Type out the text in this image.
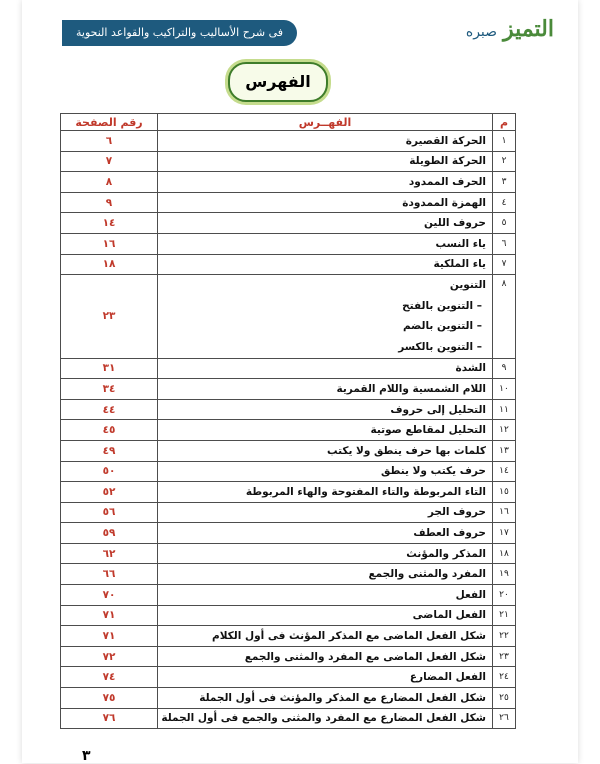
فى شرح الأساليب والتراكيب والقواعد النحوية	التميزصبره
الفهرس
م	الفهــرس	رقم الصفحة
١	الحركة القصيرة	٦
٢	الحركة الطويلة	٧
٣	الحرف الممدود	٨
٤	الهمزة الممدودة	٩
٥	حروف اللين	١٤
٦	ياء النسب	١٦
٧	ياء الملكية	١٨
٨	التنوين
– التنوين بالفتح
– التنوين بالضم
– التنوين بالكسر	٢٣
٩	الشدة	٣١
١٠	اللام الشمسية واللام القمرية	٣٤
١١	التحليل إلى حروف	٤٤
١٢	التحليل لمقاطع صوتية	٤٥
١٣	كلمات بها حرف ينطق ولا يكتب	٤٩
١٤	حرف يكتب ولا ينطق	٥٠
١٥	التاء المربوطة والتاء المفتوحة والهاء المربوطة	٥٢
١٦	حروف الجر	٥٦
١٧	حروف العطف	٥٩
١٨	المذكر والمؤنث	٦٢
١٩	المفرد والمثنى والجمع	٦٦
٢٠	الفعل	٧٠
٢١	الفعل الماضى	٧١
٢٢	شكل الفعل الماضى مع المذكر المؤنث فى أول الكلام	٧١
٢٣	شكل الفعل الماضى مع المفرد والمثنى والجمع	٧٢
٢٤	الفعل المضارع	٧٤
٢٥	شكل الفعل المضارع مع المذكر والمؤنث فى أول الجملة	٧٥
٢٦	شكل الفعل المضارع مع المفرد والمثنى والجمع فى أول الجملة	٧٦
٣
